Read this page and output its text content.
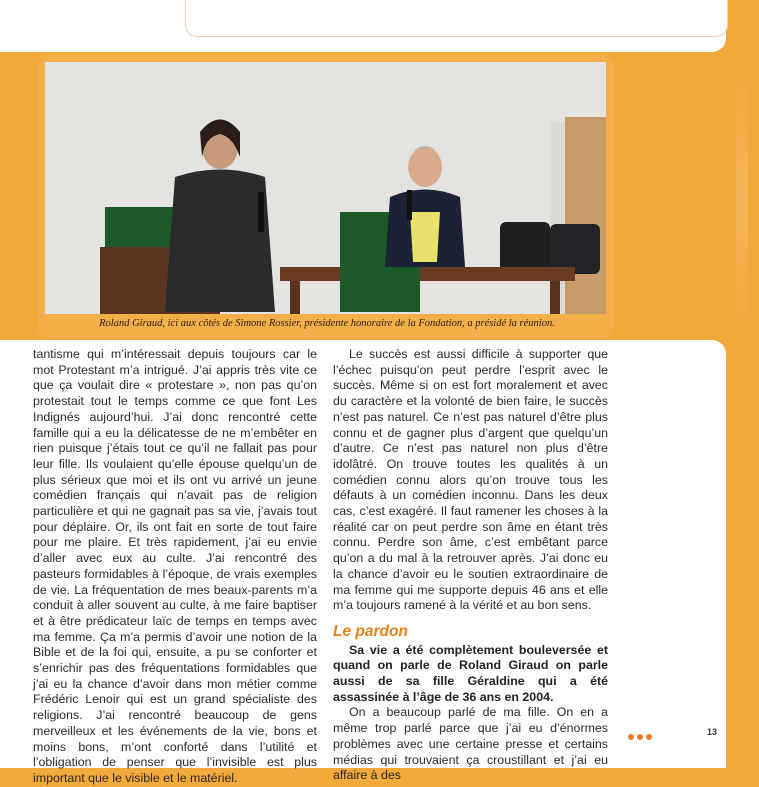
Roland Giraud, ici aux côtés de Simone Rossier, présidente honoraire de la Fondation, a présidé la réunion.

tantisme qui m’intéressait depuis toujours car le mot Protestant m’a intrigué. J’ai appris très vite ce que ça voulait dire « protestare », non pas qu’on protestait tout le temps comme ce que font Les Indignés aujourd’hui. J’ai donc rencontré cette famille qui a eu la délicatesse de ne m’embêter en rien puisque j’étais tout ce qu’il ne fallait pas pour leur fille. Ils voulaient qu’elle épouse quelqu’un de plus sérieux que moi et ils ont vu arrivé un jeune comédien français qui n’avait pas de religion particulière et qui ne gagnait pas sa vie, j’avais tout pour déplaire. Or, ils ont fait en sorte de tout faire pour me plaire. Et très rapidement, j’ai eu envie d’aller avec eux au culte. J’ai rencontré des pasteurs formidables à l’époque, de vrais exemples de vie. La fréquentation de mes beaux-parents m’a conduit à aller souvent au culte, à me faire baptiser et à être prédicateur laïc de temps en temps avec ma femme. Ça m’a permis d’avoir une notion de la Bible et de la foi qui, ensuite, a pu se conforter et s’enrichir pas des fréquentations formidables que j’ai eu la chance d’avoir dans mon métier comme Frédéric Lenoir qui est un grand spécialiste des religions. J’ai rencontré beaucoup de gens merveilleux et les événements de la vie, bons et moins bons, m’ont conforté dans l’utilité et l’obligation de penser que l’invisible est plus important que le visible et le matériel.

Le succès est aussi difficile à supporter que l’échec puisqu’on peut perdre l’esprit avec le succès. Même si on est fort moralement et avec du caractère et la volonté de bien faire, le succès n’est pas naturel. Ce n’est pas naturel d’être plus connu et de gagner plus d’argent que quelqu’un d’autre. Ce n’est pas naturel non plus d’être idolâtré. On trouve toutes les qualités à un comédien connu alors qu’on trouve tous les défauts à un comédien inconnu. Dans les deux cas, c’est exagéré. Il faut ramener les choses à la réalité car on peut perdre son âme en étant très connu. Perdre son âme, c’est embêtant parce qu’on a du mal à la retrouver après. J’ai donc eu la chance d’avoir eu le soutien extraordinaire de ma femme qui me supporte depuis 46 ans et elle m’a toujours ramené à la vérité et au bon sens.

Le pardon

Sa vie a été complètement bouleversée et quand on parle de Roland Giraud on parle aussi de sa fille Géraldine qui a été assassinée à l’âge de 36 ans en 2004.

On a beaucoup parlé de ma fille. On en a même trop parlé parce que j’ai eu d’énormes problèmes avec une certaine presse et certains médias qui trouvaient ça croustillant et j’ai eu affaire à des

13
